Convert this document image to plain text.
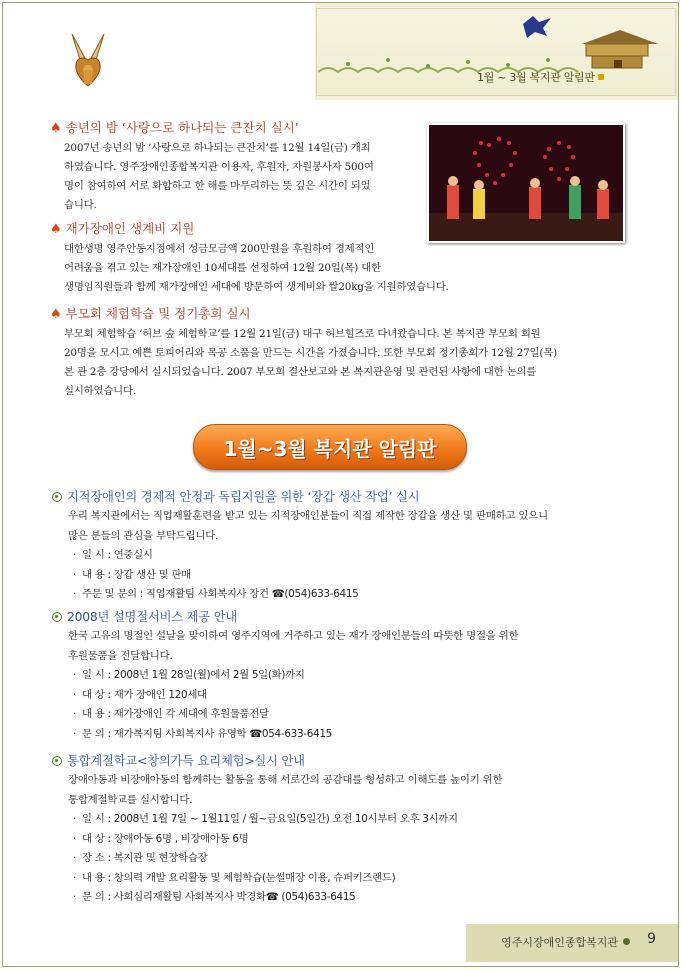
1월 ~ 3월 복지관 알림판

♠ 송년의 밤 ‘사랑으로 하나되는 큰잔치 실시’

2007년 송년의 밤 ‘사랑으로 하나되는 큰잔치’를 12월 14일(금) 개최

하였습니다. 영주장애인종합복지관 이용자, 후원자, 자원봉사자 500여

명이 참여하여 서로 화합하고 한 해를 마무리하는 뜻 깊은 시간이 되었

습니다.

♠ 재가장애인 생계비 지원

대한생명 영주안동지점에서 성금모금액 200만원을 후원하여 경제적인

어려움을 겪고 있는 재가장애인 10세대를 선정하여 12월 20일(목) 대한

생명임직원들과 함께 재가장애인 세대에 방문하여 생계비와 쌀20kg을 지원하였습니다.

♠ 부모회 체험학습 및 정기총회 실시

부모회 체험학습 ‘허브 숲 체험학교’를 12월 21일(금) 대구 허브힐즈로 다녀왔습니다. 본 복지관 부모회 회원

20명을 모시고 예쁜 토피어리와 목공 소품을 만드는 시간을 가졌습니다. 또한 부모회 정기총회가 12월 27일(목)

본 관 2층 강당에서 실시되었습니다. 2007 부모회 결산보고와 본 복지관운영 및 관련된 사항에 대한 논의를

실시하였습니다.

1월~3월 복지관 알림판

지적장애인의 경제적 안정과 독립지원을 위한 ‘장갑 생산 작업’ 실시

우리 복지관에서는 직업재활훈련을 받고 있는 지적장애인분들이 직접 제작한 장갑을 생산 및 판매하고 있으니

많은 분들의 관심을 부탁드립니다.

· 일 시 : 연중실시
· 내 용 : 장갑 생산 및 판매
· 주문 및 문의 : 직업재활팀 사회복지사 장건 ☎(054)633-6415

2008년 설명절서비스 제공 안내

한국 고유의 명절인 설날을 맞이하여 영주지역에 거주하고 있는 재가 장애인분들의 따뜻한 명절을 위한

후원물품을 전달합니다.

· 일 시 : 2008년 1월 28일(월)에서 2월 5일(화)까지
· 대 상 : 재가 장애인 120세대
· 내 용 : 재가장애인 각 세대에 후원물품전달
· 문 의 : 재가복지팀 사회복지사 유영학 ☎054-633-6415

통합계절학교<창의가득 요리체험>실시 안내

장애아동과 비장애아동의 함께하는 활동을 통해 서로간의 공감대를 형성하고 이해도를 높이기 위한

통합계절학교를 실시합니다.

· 일 시 : 2008년 1월 7일 ~ 1월11일 / 월~금요일(5일간) 오전 10시부터 오후 3시까지
· 대 상 : 장애아동 6명 , 비장애아동 6명
· 장 소 : 복지관 및 현장학습장
· 내 용 : 창의력 개발 요리활동 및 체험학습(눈썰매장 이용, 슈퍼키즈랜드)
· 문 의 : 사회심리재활팀 사회복지사 박경화☎ (054)633-6415
영주시장애인종합복지관 9
